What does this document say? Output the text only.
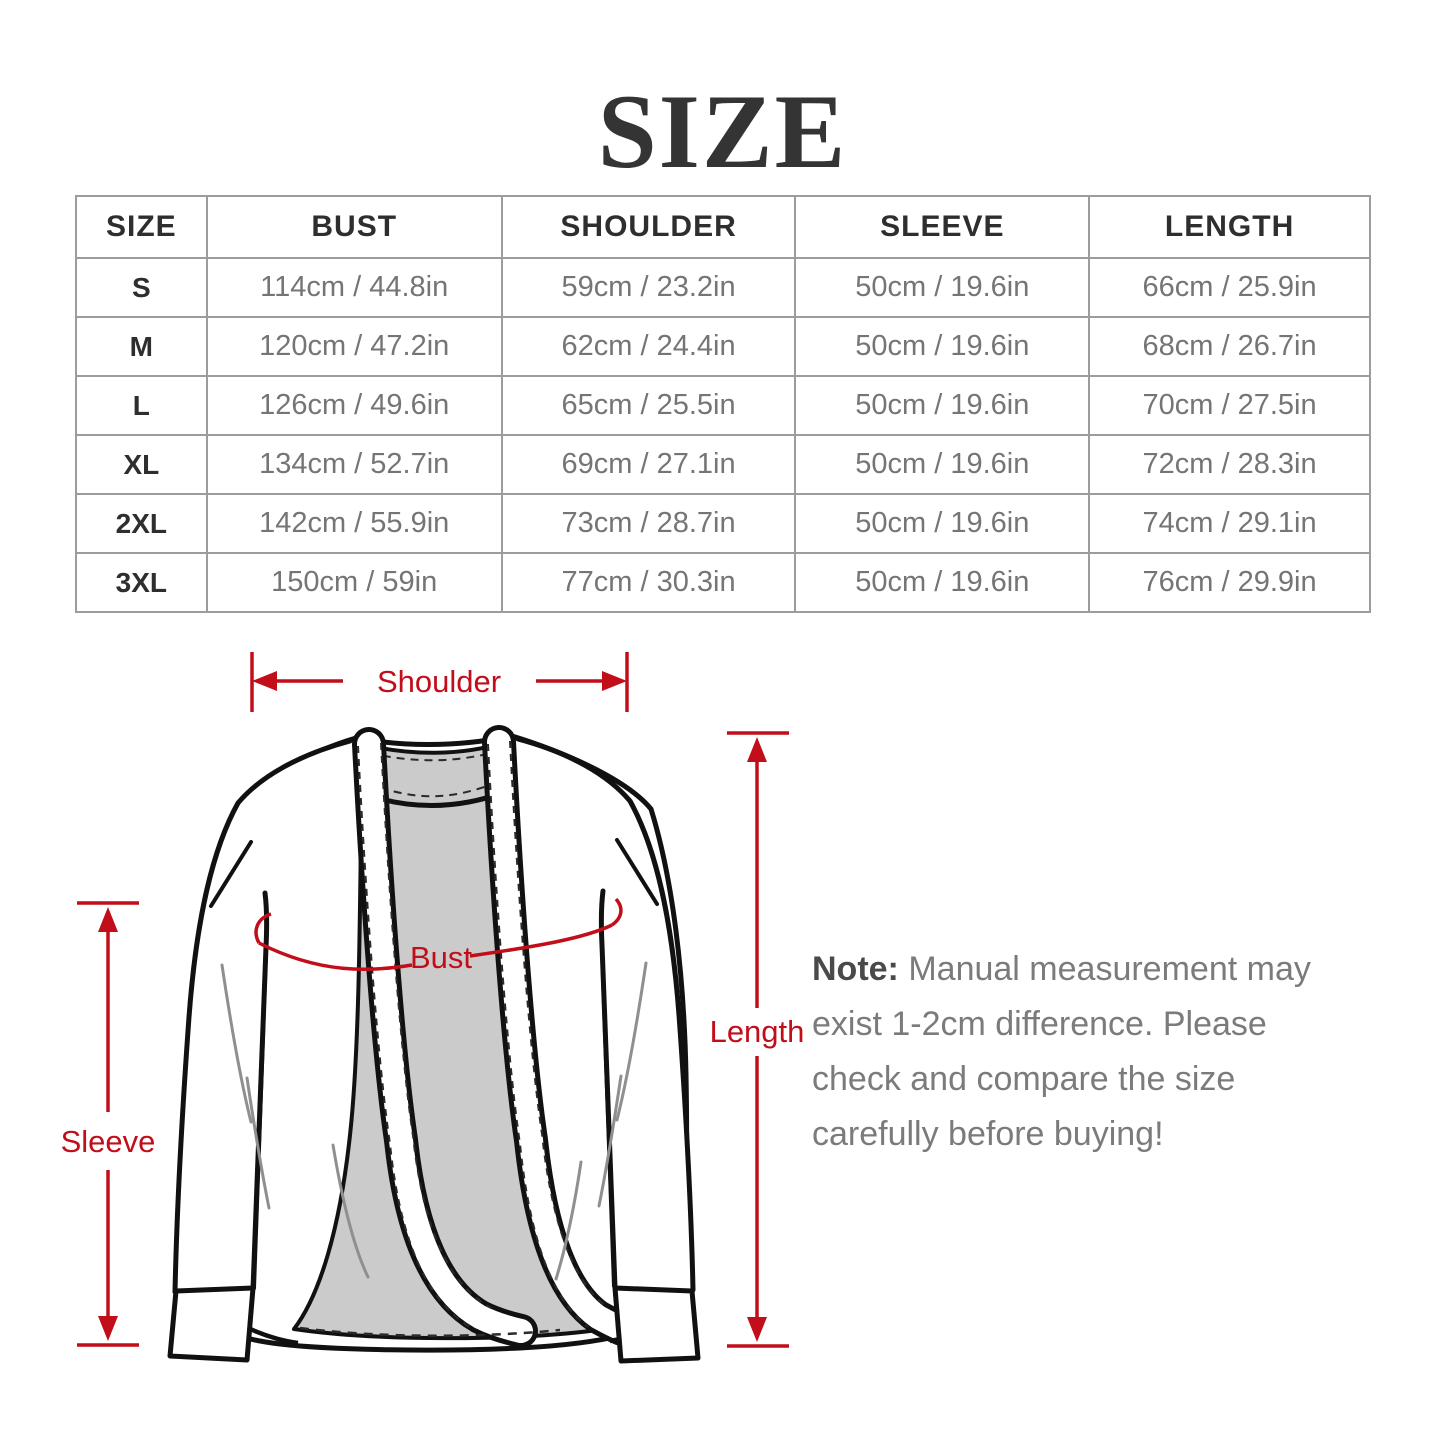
SIZE
SIZE	BUST	SHOULDER	SLEEVE	LENGTH
S	114cm / 44.8in	59cm / 23.2in	50cm / 19.6in	66cm / 25.9in
M	120cm / 47.2in	62cm / 24.4in	50cm / 19.6in	68cm / 26.7in
L	126cm / 49.6in	65cm / 25.5in	50cm / 19.6in	70cm / 27.5in
XL	134cm / 52.7in	69cm / 27.1in	50cm / 19.6in	72cm / 28.3in
2XL	142cm / 55.9in	73cm / 28.7in	50cm / 19.6in	74cm / 29.1in
3XL	150cm / 59in	77cm / 30.3in	50cm / 19.6in	76cm / 29.9in
Shoulder
Length
Sleeve
Bust	Note: Manual measurement may
exist 1-2cm difference. Please
check and compare the size
carefully before buying!
